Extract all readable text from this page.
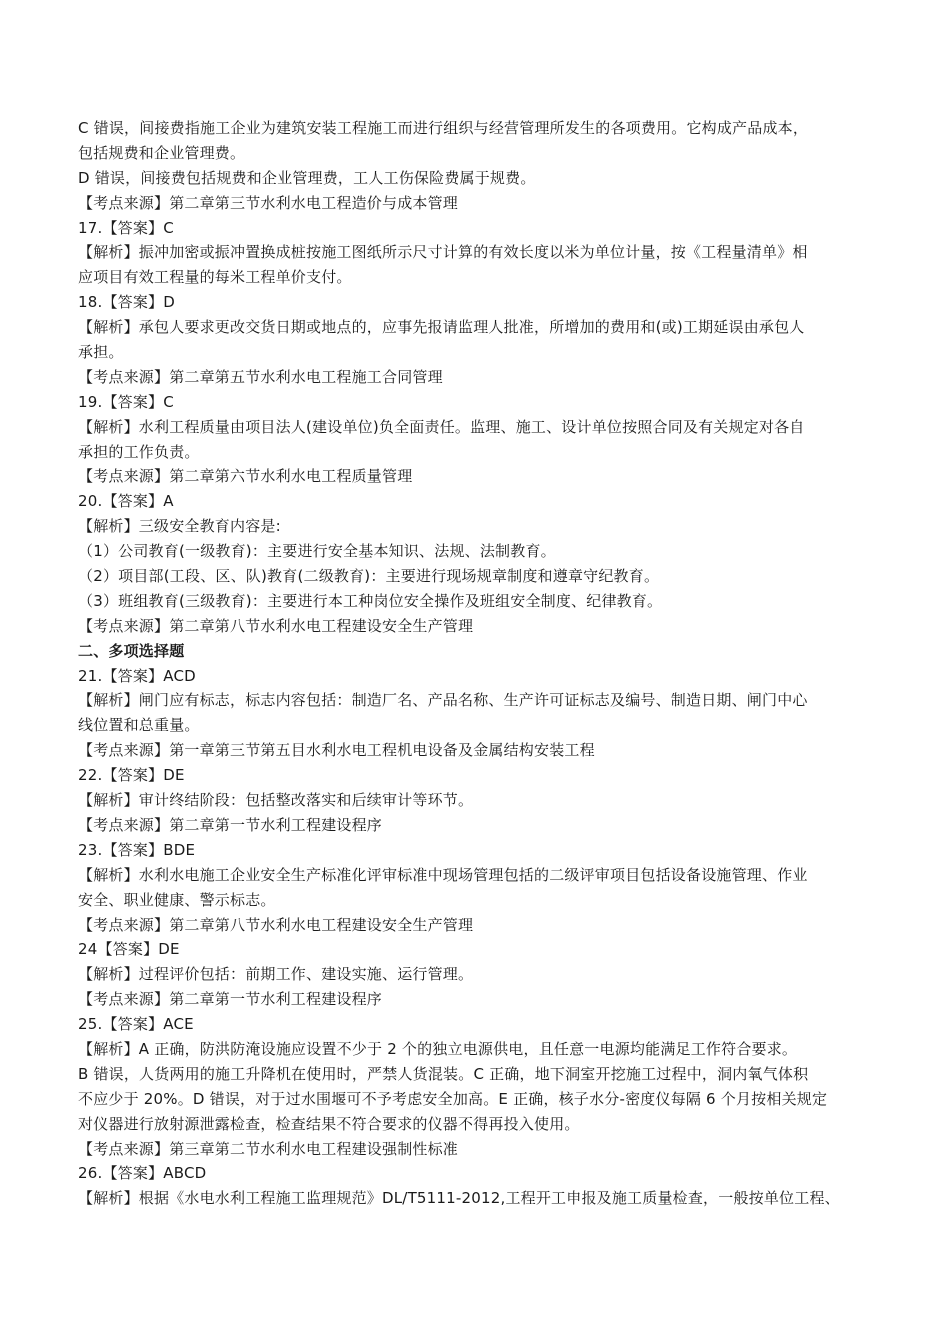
C 错误，间接费指施工企业为建筑安装工程施工而进行组织与经营管理所发生的各项费用。它构成产品成本，
包括规费和企业管理费。
D 错误，间接费包括规费和企业管理费，工人工伤保险费属于规费。
【考点来源】第二章第三节水利水电工程造价与成本管理
17.【答案】C
【解析】振冲加密或振冲置换成桩按施工图纸所示尺寸计算的有效长度以米为单位计量，按《工程量清单》相
应项目有效工程量的每米工程单价支付。
18.【答案】D
【解析】承包人要求更改交货日期或地点的，应事先报请监理人批准，所增加的费用和(或)工期延误由承包人
承担。
【考点来源】第二章第五节水利水电工程施工合同管理
19.【答案】C
【解析】水利工程质量由项目法人(建设单位)负全面责任。监理、施工、设计单位按照合同及有关规定对各自
承担的工作负责。
【考点来源】第二章第六节水利水电工程质量管理
20.【答案】A
【解析】三级安全教育内容是:
（1）公司教育(一级教育)：主要进行安全基本知识、法规、法制教育。
（2）项目部(工段、区、队)教育(二级教育)：主要进行现场规章制度和遵章守纪教育。
（3）班组教育(三级教育)：主要进行本工种岗位安全操作及班组安全制度、纪律教育。
【考点来源】第二章第八节水利水电工程建设安全生产管理
二、多项选择题
21.【答案】ACD
【解析】闸门应有标志，标志内容包括：制造厂名、产品名称、生产许可证标志及编号、制造日期、闸门中心
线位置和总重量。
【考点来源】第一章第三节第五目水利水电工程机电设备及金属结构安装工程
22.【答案】DE
【解析】审计终结阶段：包括整改落实和后续审计等环节。
【考点来源】第二章第一节水利工程建设程序
23.【答案】BDE
【解析】水利水电施工企业安全生产标准化评审标准中现场管理包括的二级评审项目包括设备设施管理、作业
安全、职业健康、警示标志。
【考点来源】第二章第八节水利水电工程建设安全生产管理
24【答案】DE
【解析】过程评价包括：前期工作、建设实施、运行管理。
【考点来源】第二章第一节水利工程建设程序
25.【答案】ACE
【解析】A 正确，防洪防淹设施应设置不少于 2 个的独立电源供电，且任意一电源均能满足工作符合要求。
B 错误，人货两用的施工升降机在使用时，严禁人货混装。C 正确，地下洞室开挖施工过程中，洞内氧气体积
不应少于 20%。D 错误，对于过水围堰可不予考虑安全加高。E 正确，核子水分-密度仪每隔 6 个月按相关规定
对仪器进行放射源泄露检查，检查结果不符合要求的仪器不得再投入使用。
【考点来源】第三章第二节水利水电工程建设强制性标准
26.【答案】ABCD
【解析】根据《水电水利工程施工监理规范》DL/T5111-2012,工程开工申报及施工质量检查，一般按单位工程、
